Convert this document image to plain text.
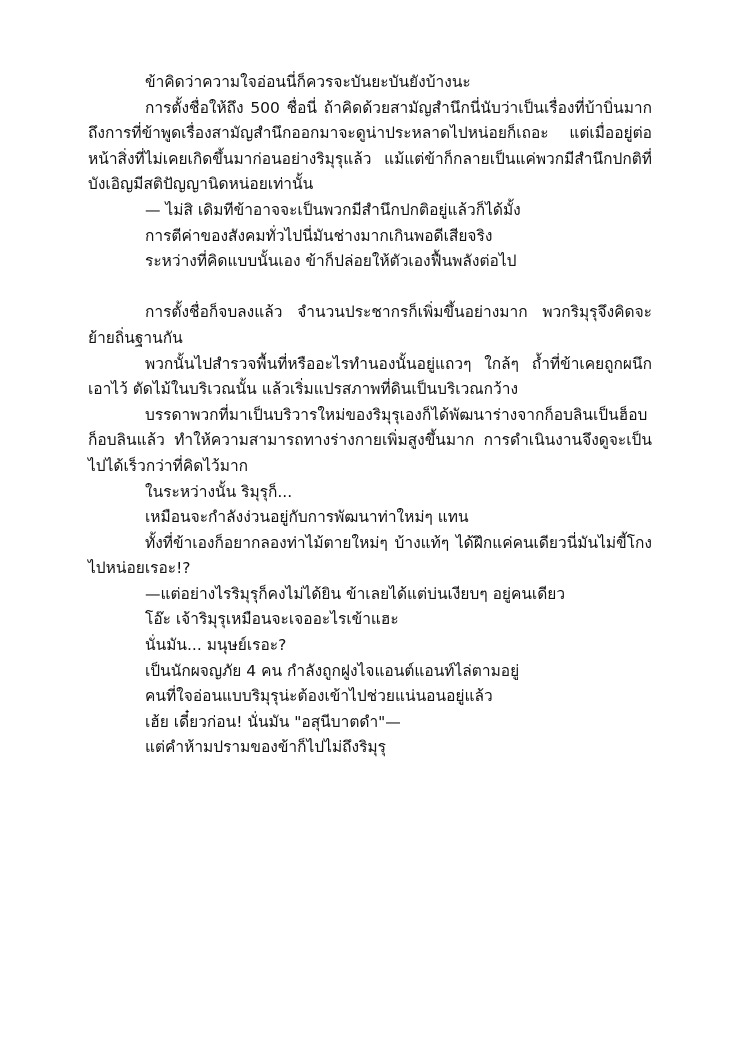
ข้าคิดว่าความใจอ่อนนี่ก็ควรจะบันยะบันยังบ้างนะ

การตั้งชื่อให้ถึง 500 ชื่อนี่ ถ้าคิดด้วยสามัญสำนึกนี่นับว่าเป็นเรื่องที่บ้าบิ่นมาก ถึงการที่ข้าพูดเรื่องสามัญสำนึกออกมาจะดูน่าประหลาดไปหน่อยก็เถอะ แต่เมื่ออยู่ต่อหน้าสิ่งที่ไม่เคยเกิดขึ้นมาก่อนอย่างริมุรุแล้ว แม้แต่ข้าก็กลายเป็นแค่พวกมีสำนึกปกติที่บังเอิญมีสติปัญญานิดหน่อยเท่านั้น

— ไม่สิ เดิมทีข้าอาจจะเป็นพวกมีสำนึกปกติอยู่แล้วก็ได้มั้ง

การตีค่าของสังคมทั่วไปนี่มันช่างมากเกินพอดีเสียจริง

ระหว่างที่คิดแบบนั้นเอง ข้าก็ปล่อยให้ตัวเองฟื้นพลังต่อไป

การตั้งชื่อก็จบลงแล้ว จำนวนประชากรก็เพิ่มขึ้นอย่างมาก พวกริมุรุจึงคิดจะย้ายถิ่นฐานกัน

พวกนั้นไปสำรวจพื้นที่หรืออะไรทำนองนั้นอยู่แถวๆ ใกล้ๆ ถ้ำที่ข้าเคยถูกผนึกเอาไว้ ตัดไม้ในบริเวณนั้น แล้วเริ่มแปรสภาพที่ดินเป็นบริเวณกว้าง

บรรดาพวกที่มาเป็นบริวารใหม่ของริมุรุเองก็ได้พัฒนาร่างจากก็อบลินเป็นฮ็อบก็อบลินแล้ว ทำให้ความสามารถทางร่างกายเพิ่มสูงขึ้นมาก การดำเนินงานจึงดูจะเป็นไปได้เร็วกว่าที่คิดไว้มาก

ในระหว่างนั้น ริมุรุก็...

เหมือนจะกำลังง่วนอยู่กับการพัฒนาท่าใหม่ๆ แทน

ทั้งที่ข้าเองก็อยากลองท่าไม้ตายใหม่ๆ บ้างแท้ๆ ได้ฝึกแค่คนเดียวนี่มันไม่ขี้โกงไปหน่อยเรอะ!?

—แต่อย่างไรริมุรุก็คงไม่ได้ยิน ข้าเลยได้แต่บ่นเงียบๆ อยู่คนเดียว

โอ๊ะ เจ้าริมุรุเหมือนจะเจออะไรเข้าแฮะ

นั่นมัน... มนุษย์เรอะ?

เป็นนักผจญภัย 4 คน กำลังถูกฝูงไจแอนต์แอนท์ไล่ตามอยู่

คนที่ใจอ่อนแบบริมุรุน่ะต้องเข้าไปช่วยแน่นอนอยู่แล้ว

เฮ้ย เดี๋ยวก่อน! นั่นมัน "อสุนีบาตดำ"—

แต่คำห้ามปรามของข้าก็ไปไม่ถึงริมุรุ
